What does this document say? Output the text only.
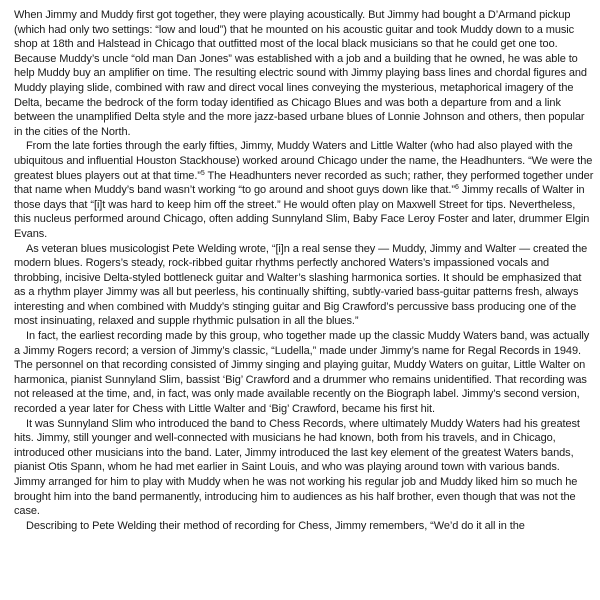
When Jimmy and Muddy first got together, they were playing acoustically. But Jimmy had bought a D’Armand pickup (which had only two settings: “low and loud”) that he mounted on his acoustic guitar and took Muddy down to a music shop at 18th and Halstead in Chicago that outfitted most of the local black musicians so that he could get one too. Because Muddy’s uncle “old man Dan Jones” was established with a job and a building that he owned, he was able to help Muddy buy an amplifier on time. The resulting electric sound with Jimmy playing bass lines and chordal figures and Muddy playing slide, combined with raw and direct vocal lines conveying the mysterious, metaphorical imagery of the Delta, became the bedrock of the form today identified as Chicago Blues and was both a departure from and a link between the unamplified Delta style and the more jazz-based urbane blues of Lonnie Johnson and others, then popular in the cities of the North.

From the late forties through the early fifties, Jimmy, Muddy Waters and Little Walter (who had also played with the ubiquitous and influential Houston Stackhouse) worked around Chicago under the name, the Headhunters. “We were the greatest blues players out at that time.”$^5$ The Headhunters never recorded as such; rather, they performed together under that name when Muddy’s band wasn’t working “to go around and shoot guys down like that.”$^6$ Jimmy recalls of Walter in those days that “[i]t was hard to keep him off the street.” He would often play on Maxwell Street for tips. Nevertheless, this nucleus performed around Chicago, often adding Sunnyland Slim, Baby Face Leroy Foster and later, drummer Elgin Evans.

As veteran blues musicologist Pete Welding wrote, “[i]n a real sense they — Muddy, Jimmy and Walter — created the modern blues. Rogers’s steady, rock-ribbed guitar rhythms perfectly anchored Waters’s impassioned vocals and throbbing, incisive Delta-styled bottleneck guitar and Walter’s slashing harmonica sorties. It should be emphasized that as a rhythm player Jimmy was all but peerless, his continually shifting, subtly-varied bass-guitar patterns fresh, always interesting and when combined with Muddy’s stinging guitar and Big Crawford’s percussive bass producing one of the most insinuating, relaxed and supple rhythmic pulsation in all the blues.”

In fact, the earliest recording made by this group, who together made up the classic Muddy Waters band, was actually a Jimmy Rogers record; a version of Jimmy’s classic, “Ludella,” made under Jimmy’s name for Regal Records in 1949. The personnel on that recording consisted of Jimmy singing and playing guitar, Muddy Waters on guitar, Little Walter on harmonica, pianist Sunnyland Slim, bassist ‘Big’ Crawford and a drummer who remains unidentified. That recording was not released at the time, and, in fact, was only made available recently on the Biograph label. Jimmy’s second version, recorded a year later for Chess with Little Walter and ‘Big’ Crawford, became his first hit.

It was Sunnyland Slim who introduced the band to Chess Records, where ultimately Muddy Waters had his greatest hits. Jimmy, still younger and well-connected with musicians he had known, both from his travels, and in Chicago, introduced other musicians into the band. Later, Jimmy introduced the last key element of the greatest Waters bands, pianist Otis Spann, whom he had met earlier in Saint Louis, and who was playing around town with various bands. Jimmy arranged for him to play with Muddy when he was not working his regular job and Muddy liked him so much he brought him into the band permanently, introducing him to audiences as his half brother, even though that was not the case.

Describing to Pete Welding their method of recording for Chess, Jimmy remembers, “We’d do it all in the
